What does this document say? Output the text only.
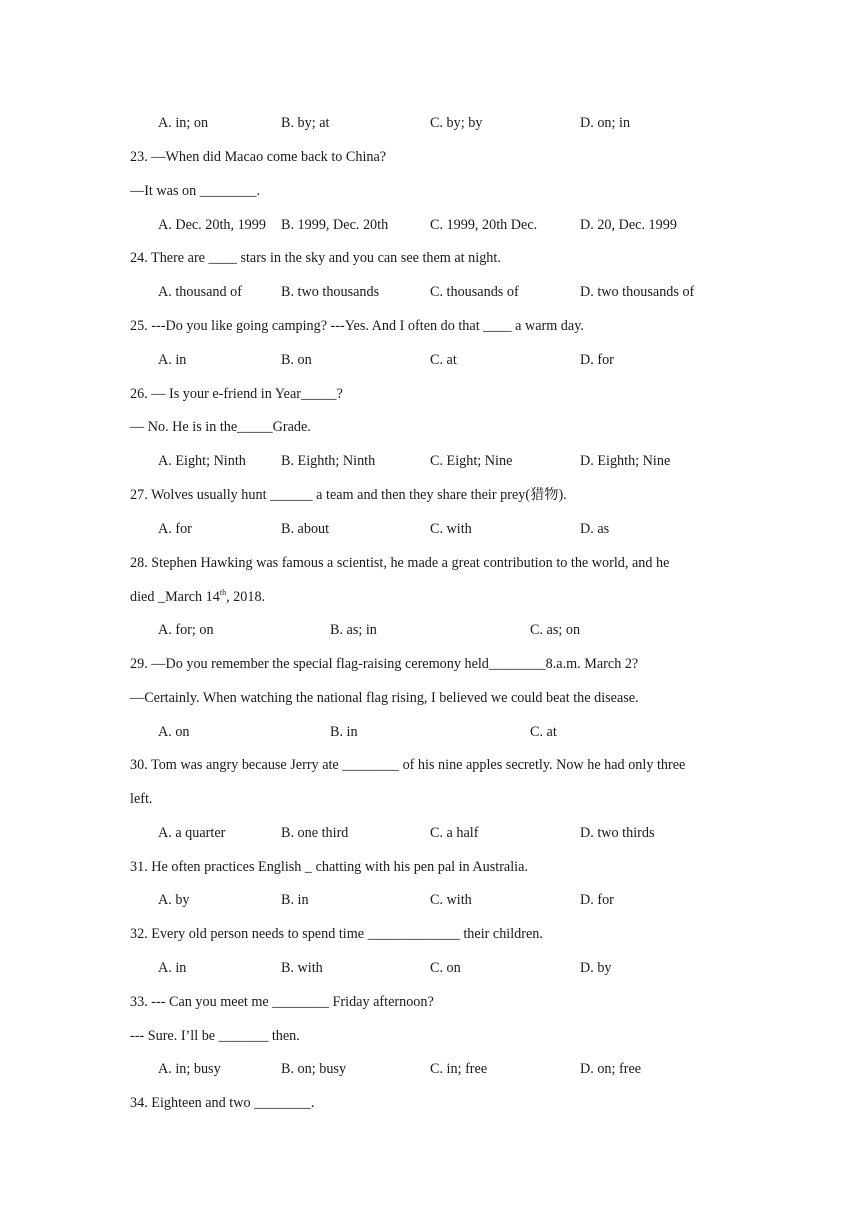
A. in; on	B. by; at	C. by; by	D. on; in
23. —When did Macao come back to China?
—It was on ________.
A. Dec. 20th, 1999 B. 1999, Dec. 20th	C. 1999, 20th Dec.	D. 20, Dec. 1999
24. There are ____ stars in the sky and you can see them at night.
A. thousand of	B. two thousands	C. thousands of	D. two thousands of
25. ---Do you like going camping? ---Yes. And I often do that ____ a warm day.
A. in	B. on	C. at	D. for
26. — Is your e-friend in Year_____?
— No. He is in the_____Grade.
A. Eight; Ninth B. Eighth; Ninth	C. Eight; Nine	D. Eighth; Nine
27. Wolves usually hunt ______ a team and then they share their prey(猎物).
A. for	B. about	C. with	D. as
28. Stephen Hawking was famous a scientist, he made a great contribution to the world, and he
died _March 14th, 2018.
A. for; on	B. as; in	C. as; on
29. —Do you remember the special flag-raising ceremony held________8.a.m. March 2?
—Certainly. When watching the national flag rising, I believed we could beat the disease.
A. on	B. in	C. at
30. Tom was angry because Jerry ate ________ of his nine apples secretly. Now he had only three
left.
A. a quarter	B. one third	C. a half	D. two thirds
31. He often practices English _ chatting with his pen pal in Australia.
A. by	B. in	C. with	D. for
32. Every old person needs to spend time _____________ their children.
A. in	B. with	C. on	D. by
33. --- Can you meet me ________ Friday afternoon?
--- Sure. I’ll be _______ then.
A. in; busy	B. on; busy	C. in; free	D. on; free
34. Eighteen and two ________.
